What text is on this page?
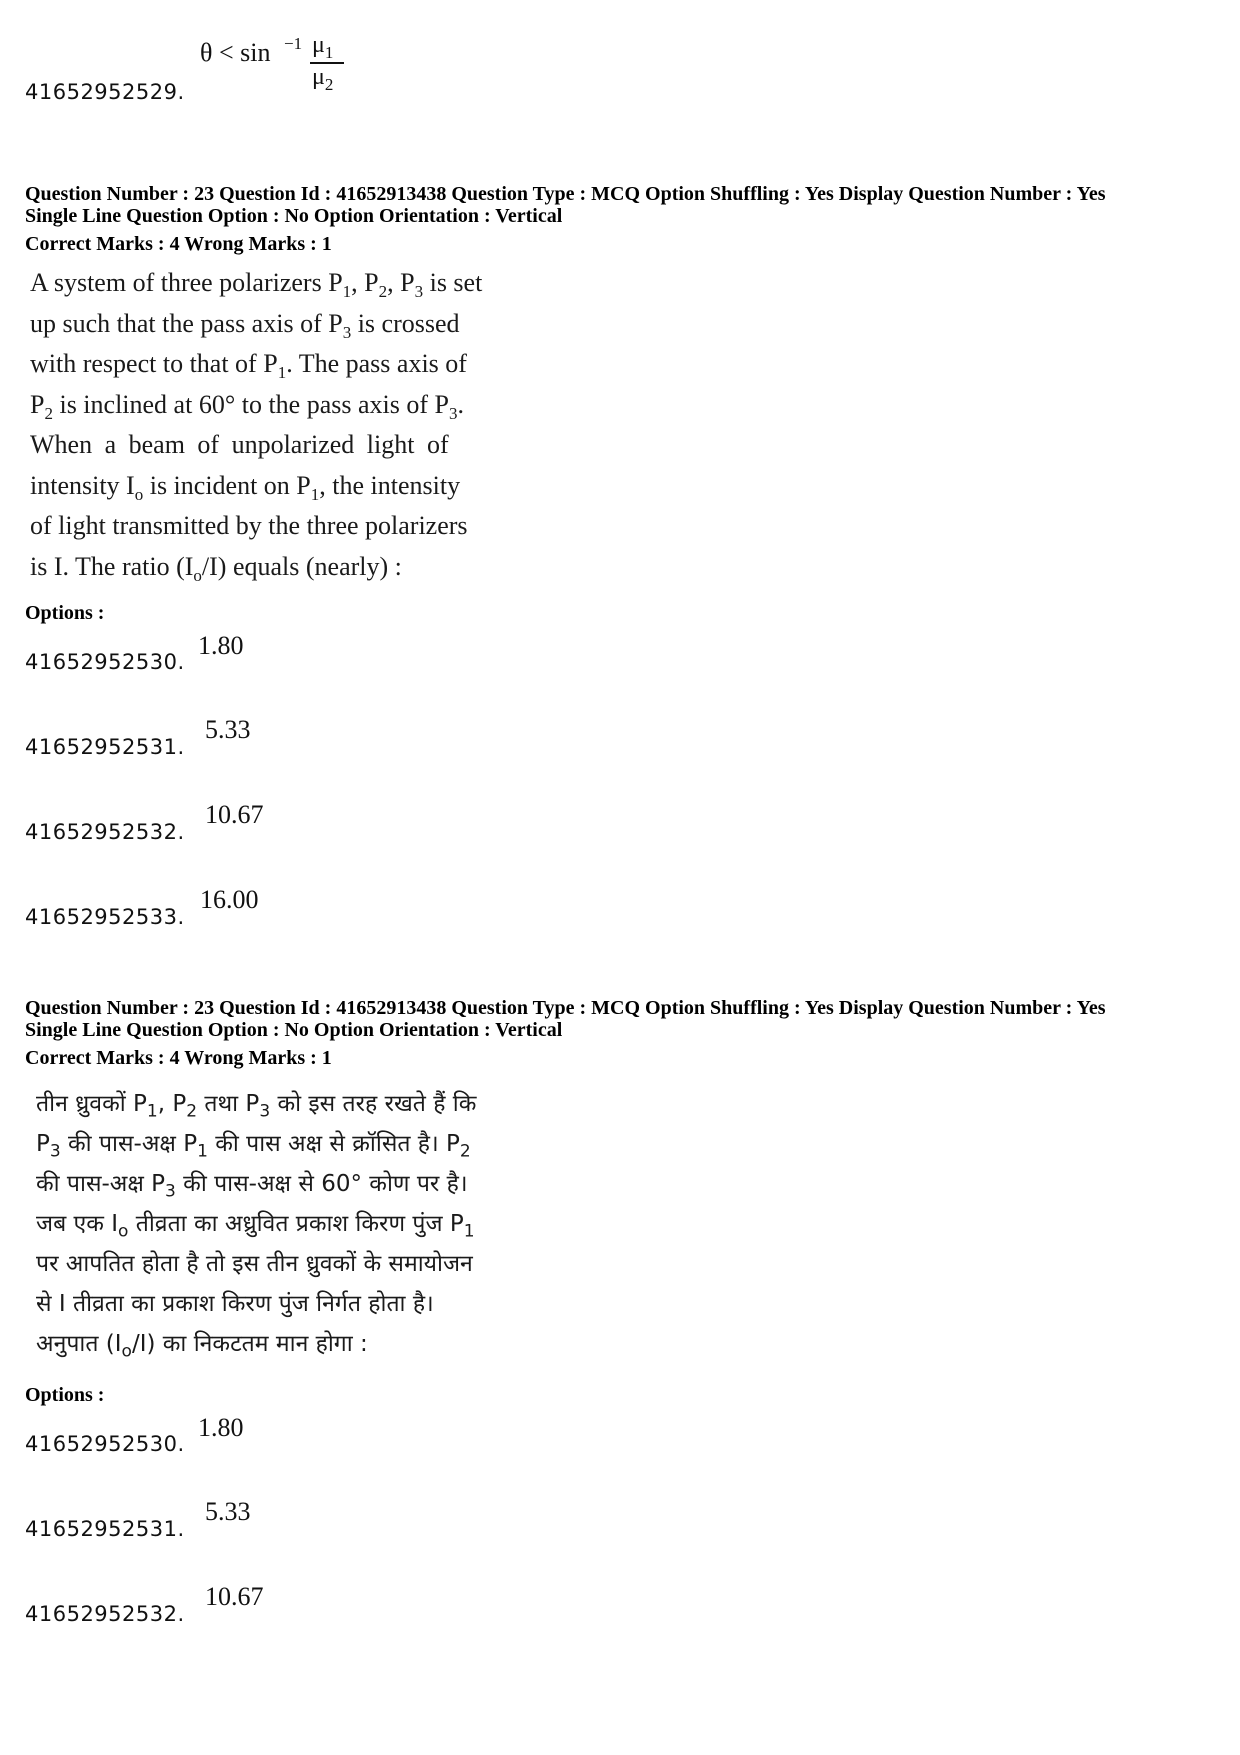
41652952529.
θ < sin −1 $\mu_1$
$\mu_2$
Question Number : 23 Question Id : 41652913438 Question Type : MCQ Option Shuffling : Yes Display Question Number : Yes
Single Line Question Option : No Option Orientation : Vertical
Correct Marks : 4 Wrong Marks : 1
A system of three polarizers $P_1$, $P_2$, $P_3$ is set
up such that the pass axis of $P_3$ is crossed
with respect to that of $P_1$. The pass axis of
$P_2$ is inclined at 60° to the pass axis of $P_3$.
When a beam of unpolarized light of
intensity $I_o$ is incident on $P_1$, the intensity
of light transmitted by the three polarizers
is I. The ratio $(I_o/I)$ equals (nearly) :
Options :
41652952530.
1.80
41652952531.
5.33
41652952532.
10.67
41652952533.
16.00
Question Number : 23 Question Id : 41652913438 Question Type : MCQ Option Shuffling : Yes Display Question Number : Yes
Single Line Question Option : No Option Orientation : Vertical
Correct Marks : 4 Wrong Marks : 1
तीन ध्रुवकों $P_1$, $P_2$ तथा $P_3$ को इस तरह रखते हैं कि
$P_3$ की पास-अक्ष $P_1$ की पास अक्ष से क्रॉसित है। $P_2$
की पास-अक्ष $P_3$ की पास-अक्ष से 60° कोण पर है।
जब एक $I_o$ तीव्रता का अध्रुवित प्रकाश किरण पुंज $P_1$
पर आपतित होता है तो इस तीन ध्रुवकों के समायोजन
से I तीव्रता का प्रकाश किरण पुंज निर्गत होता है।
अनुपात $(I_o/I)$ का निकटतम मान होगा :
Options :
41652952530.
1.80
41652952531.
5.33
41652952532.
10.67
